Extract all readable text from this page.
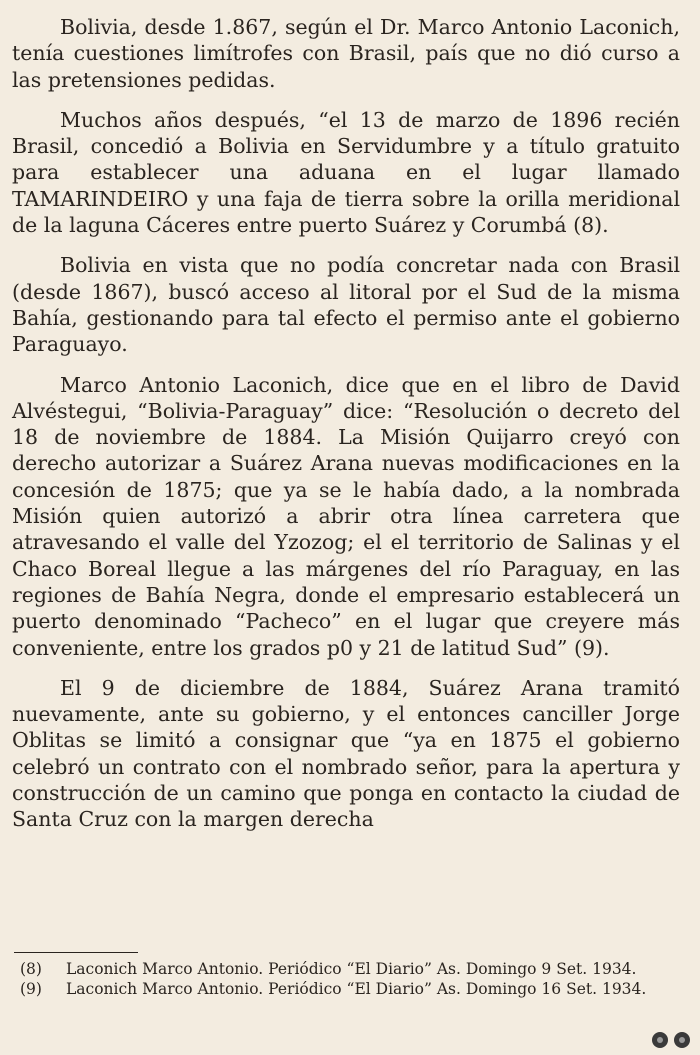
Bolivia, desde 1.867, según el Dr. Marco Antonio Laconich, tenía cuestiones limítrofes con Brasil, país que no dió curso a las pretensiones pedidas.

Muchos años después, “el 13 de marzo de 1896 recién Brasil, concedió a Bolivia en Servidumbre y a título gratuito para establecer una aduana en el lugar llamado TAMARINDEIRO y una faja de tierra sobre la orilla meridional de la laguna Cáceres entre puerto Suárez y Corumbá (8).

Bolivia en vista que no podía concretar nada con Brasil (desde 1867), buscó acceso al litoral por el Sud de la misma Bahía, gestionando para tal efecto el permiso ante el gobierno Paraguayo.

Marco Antonio Laconich, dice que en el libro de David Alvéstegui, “Bolivia-Paraguay” dice: “Resolución o decreto del 18 de noviembre de 1884. La Misión Quijarro creyó con derecho autorizar a Suárez Arana nuevas modificaciones en la concesión de 1875; que ya se le había dado, a la nombrada Misión quien autorizó a abrir otra línea carretera que atravesando el valle del Yzozog; el el territorio de Salinas y el Chaco Boreal llegue a las márgenes del río Paraguay, en las regiones de Bahía Negra, donde el empresario establecerá un puerto denominado “Pacheco” en el lugar que creyere más conveniente, entre los grados p0 y 21 de latitud Sud” (9).

El 9 de diciembre de 1884, Suárez Arana tramitó nuevamente, ante su gobierno, y el entonces canciller Jorge Oblitas se limitó a consignar que “ya en 1875 el gobierno celebró un contrato con el nombrado señor, para la apertura y construcción de un camino que ponga en contacto la ciudad de Santa Cruz con la margen derecha

(8)	Laconich Marco Antonio. Periódico “El Diario” As. Domingo 9 Set. 1934.
(9)	Laconich Marco Antonio. Periódico “El Diario” As. Domingo 16 Set. 1934.
